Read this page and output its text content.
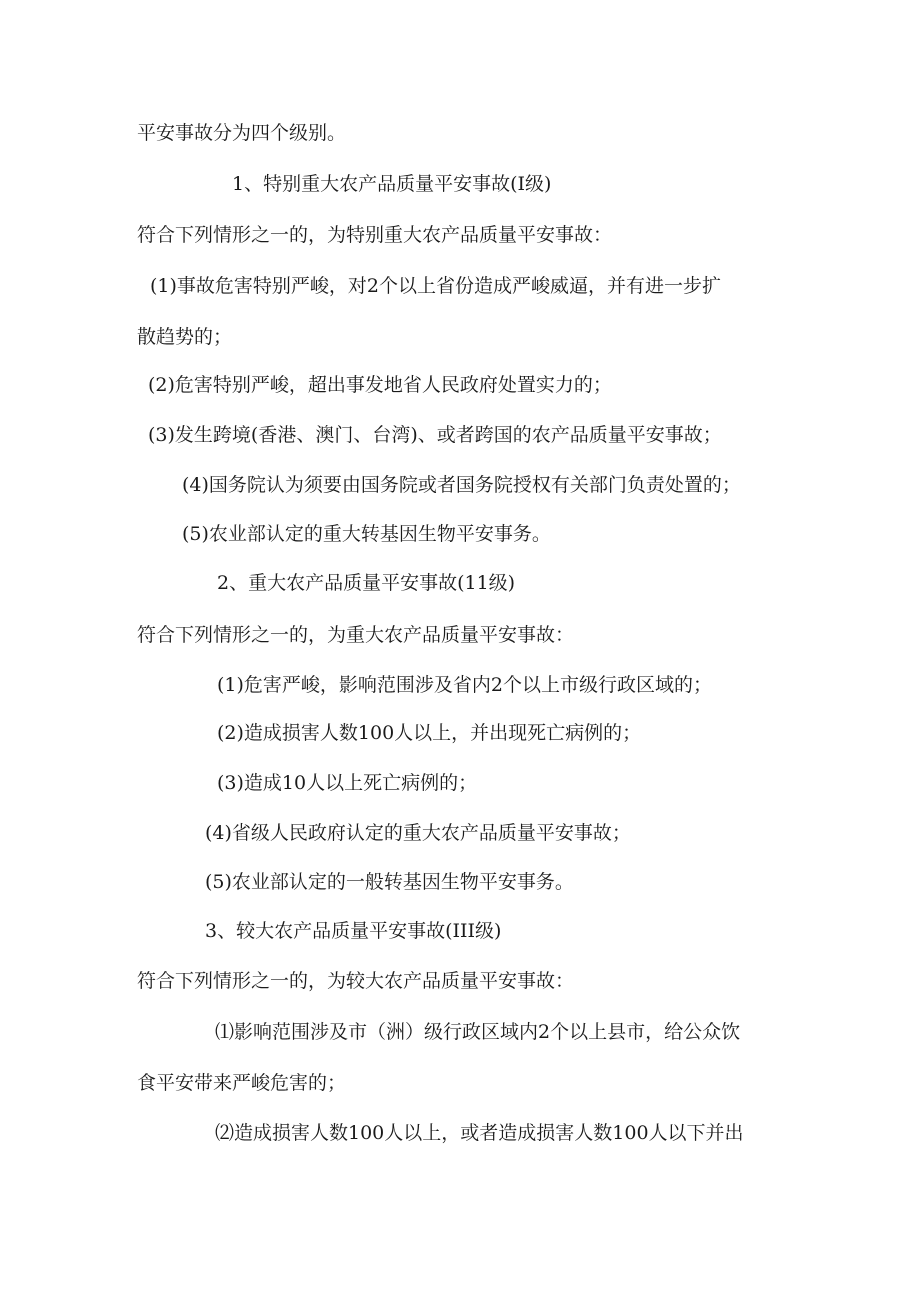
平安事故分为四个级别。
1、特别重大农产品质量平安事故(I级)
符合下列情形之一的，为特别重大农产品质量平安事故：
(1)事故危害特别严峻，对2个以上省份造成严峻威逼，并有进一步扩
散趋势的；
(2)危害特别严峻，超出事发地省人民政府处置实力的；
(3)发生跨境(香港、澳门、台湾)、或者跨国的农产品质量平安事故；
(4)国务院认为须要由国务院或者国务院授权有关部门负责处置的；
(5)农业部认定的重大转基因生物平安事务。
2、重大农产品质量平安事故(11级)
符合下列情形之一的，为重大农产品质量平安事故：
(1)危害严峻，影响范围涉及省内2个以上市级行政区域的；
(2)造成损害人数100人以上，并出现死亡病例的；
(3)造成10人以上死亡病例的；
(4)省级人民政府认定的重大农产品质量平安事故；
(5)农业部认定的一般转基因生物平安事务。
3、较大农产品质量平安事故(III级)
符合下列情形之一的，为较大农产品质量平安事故：
⑴影响范围涉及市（洲）级行政区域内2个以上县市，给公众饮
食平安带来严峻危害的；
⑵造成损害人数100人以上，或者造成损害人数100人以下并出
